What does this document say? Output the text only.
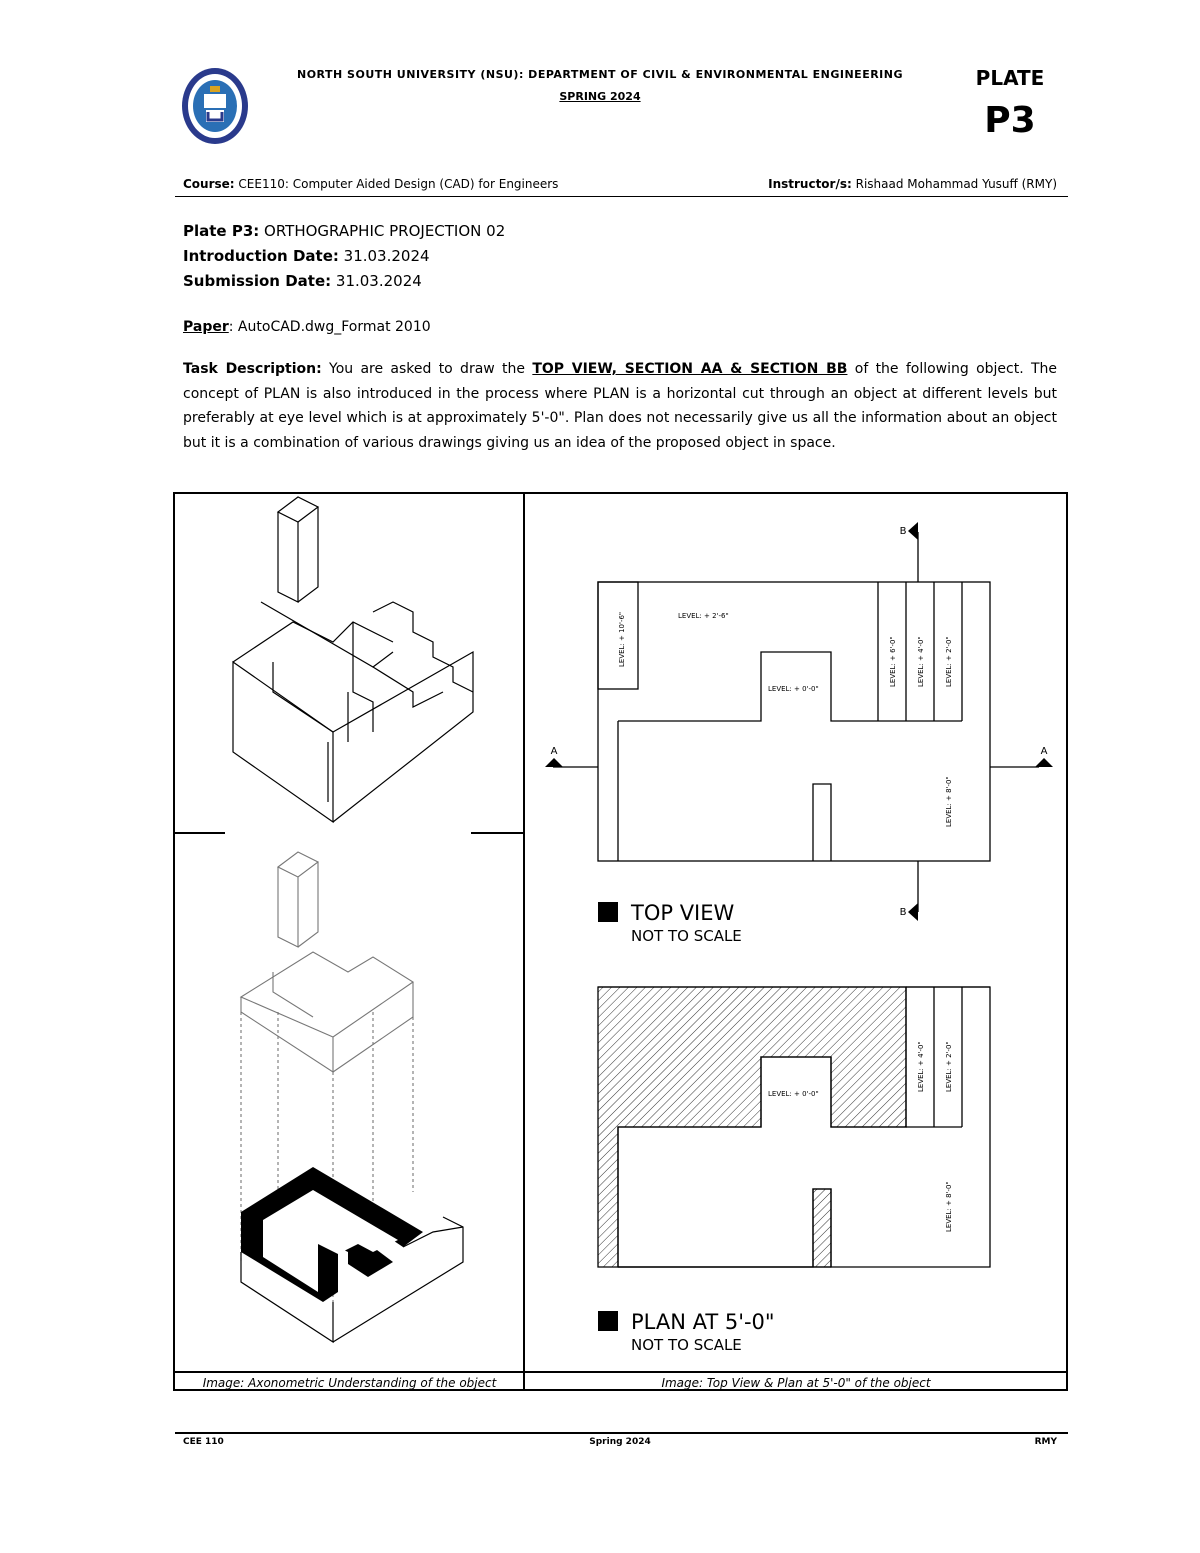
NORTH SOUTH UNIVERSITY (NSU): DEPARTMENT OF CIVIL & ENVIRONMENTAL ENGINEERING
SPRING 2024
PLATE
P3
Course: CEE110: Computer Aided Design (CAD) for Engineers	Instructor/s: Rishaad Mohammad Yusuff (RMY)
Plate P3: ORTHOGRAPHIC PROJECTION 02
Introduction Date: 31.03.2024
Submission Date: 31.03.2024
Paper: AutoCAD.dwg_Format 2010
Task Description: You are asked to draw the TOP VIEW, SECTION AA & SECTION BB of the following object. The concept of PLAN is also introduced in the process where PLAN is a horizontal cut through an object at different levels but preferably at eye level which is at approximately 5'-0". Plan does not necessarily give us all the information about an object but it is a combination of various drawings giving us an idea of the proposed object in space.
A	A
B
B
LEVEL: + 10'-6"	LEVEL: + 2'-6"
LEVEL: + 0'-0"
LEVEL: + 6'-0"	LEVEL: + 4'-0"	LEVEL: + 2'-0"
LEVEL: + 8'-0"
TOP VIEW
NOT TO SCALE
LEVEL: + 0'-0"
LEVEL: + 4'-0"	LEVEL: + 2'-0"
LEVEL: + 8'-0"
PLAN AT 5'-0"
NOT TO SCALE
Image: Axonometric Understanding of the object	Image: Top View & Plan at 5'-0" of the object
CEE 110	Spring 2024	RMY
